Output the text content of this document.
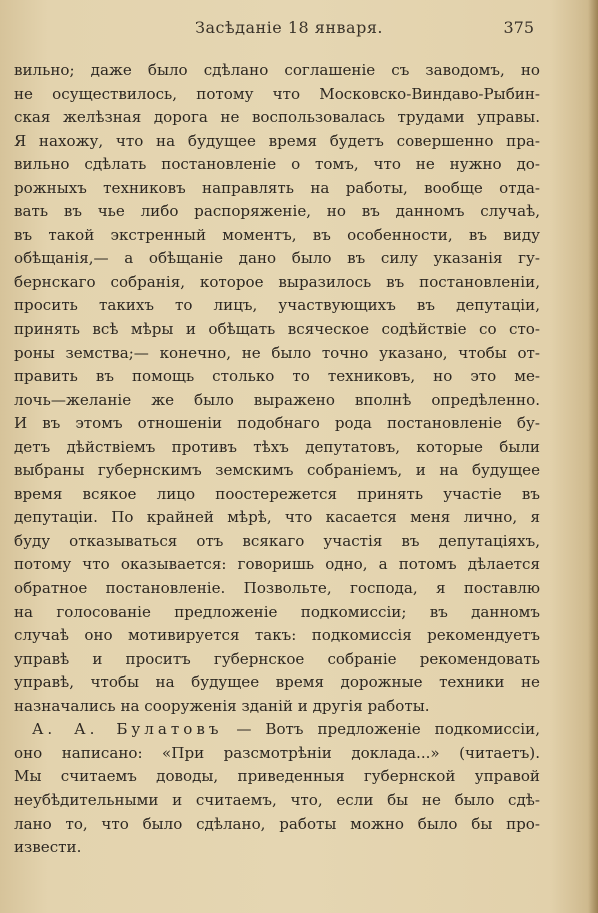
Засѣданіе 18 января.	375
вильно; даже было сдѣлано соглашеніе съ заводомъ, но
не осуществилось, потому что Московско-Виндаво-Рыбин-
ская желѣзная дорога не воспользовалась трудами управы.
Я нахожу, что на будущее время будетъ совершенно пра-
вильно сдѣлать постановленіе о томъ, что не нужно до-
рожныхъ техниковъ направлять на работы, вообще отда-
вать въ чье либо распоряженіе, но въ данномъ случаѣ,
въ такой экстренный моментъ, въ особенности, въ виду
обѣщанія,— а обѣщаніе дано было въ силу указанія гу-
бернскаго собранія, которое выразилось въ постановленіи,
просить такихъ то лицъ, участвующихъ въ депутаціи,
принять всѣ мѣры и обѣщать всяческое содѣйствіе со сто-
роны земства;— конечно, не было точно указано, чтобы от-
править въ помощь столько то техниковъ, но это ме-
лочь—желаніе же было выражено вполнѣ опредѣленно.
И въ этомъ отношеніи подобнаго рода постановленіе бу-
детъ дѣйствіемъ противъ тѣхъ депутатовъ, которые были
выбраны губернскимъ земскимъ собраніемъ, и на будущее
время всякое лицо поостережется принять участіе въ
депутаціи. По крайней мѣрѣ, что касается меня лично, я
буду отказываться отъ всякаго участія въ депутаціяхъ,
потому что оказывается: говоришь одно, а потомъ дѣлается
обратное постановленіе. Позвольте, господа, я поставлю
на голосованіе предложеніе подкомиссіи; въ данномъ
случаѣ оно мотивируется такъ: подкомиссія рекомендуетъ
управѣ и проситъ губернское собраніе рекомендовать
управѣ, чтобы на будущее время дорожные техники не
назначались на сооруженія зданій и другія работы.
А. А. Булатовъ — Вотъ предложеніе подкомиссіи,
оно написано: «При разсмотрѣніи доклада...» (читаетъ).
Мы считаемъ доводы, приведенныя губернской управой
неубѣдительными и считаемъ, что, если бы не было сдѣ-
лано то, что было сдѣлано, работы можно было бы про-
извести.
